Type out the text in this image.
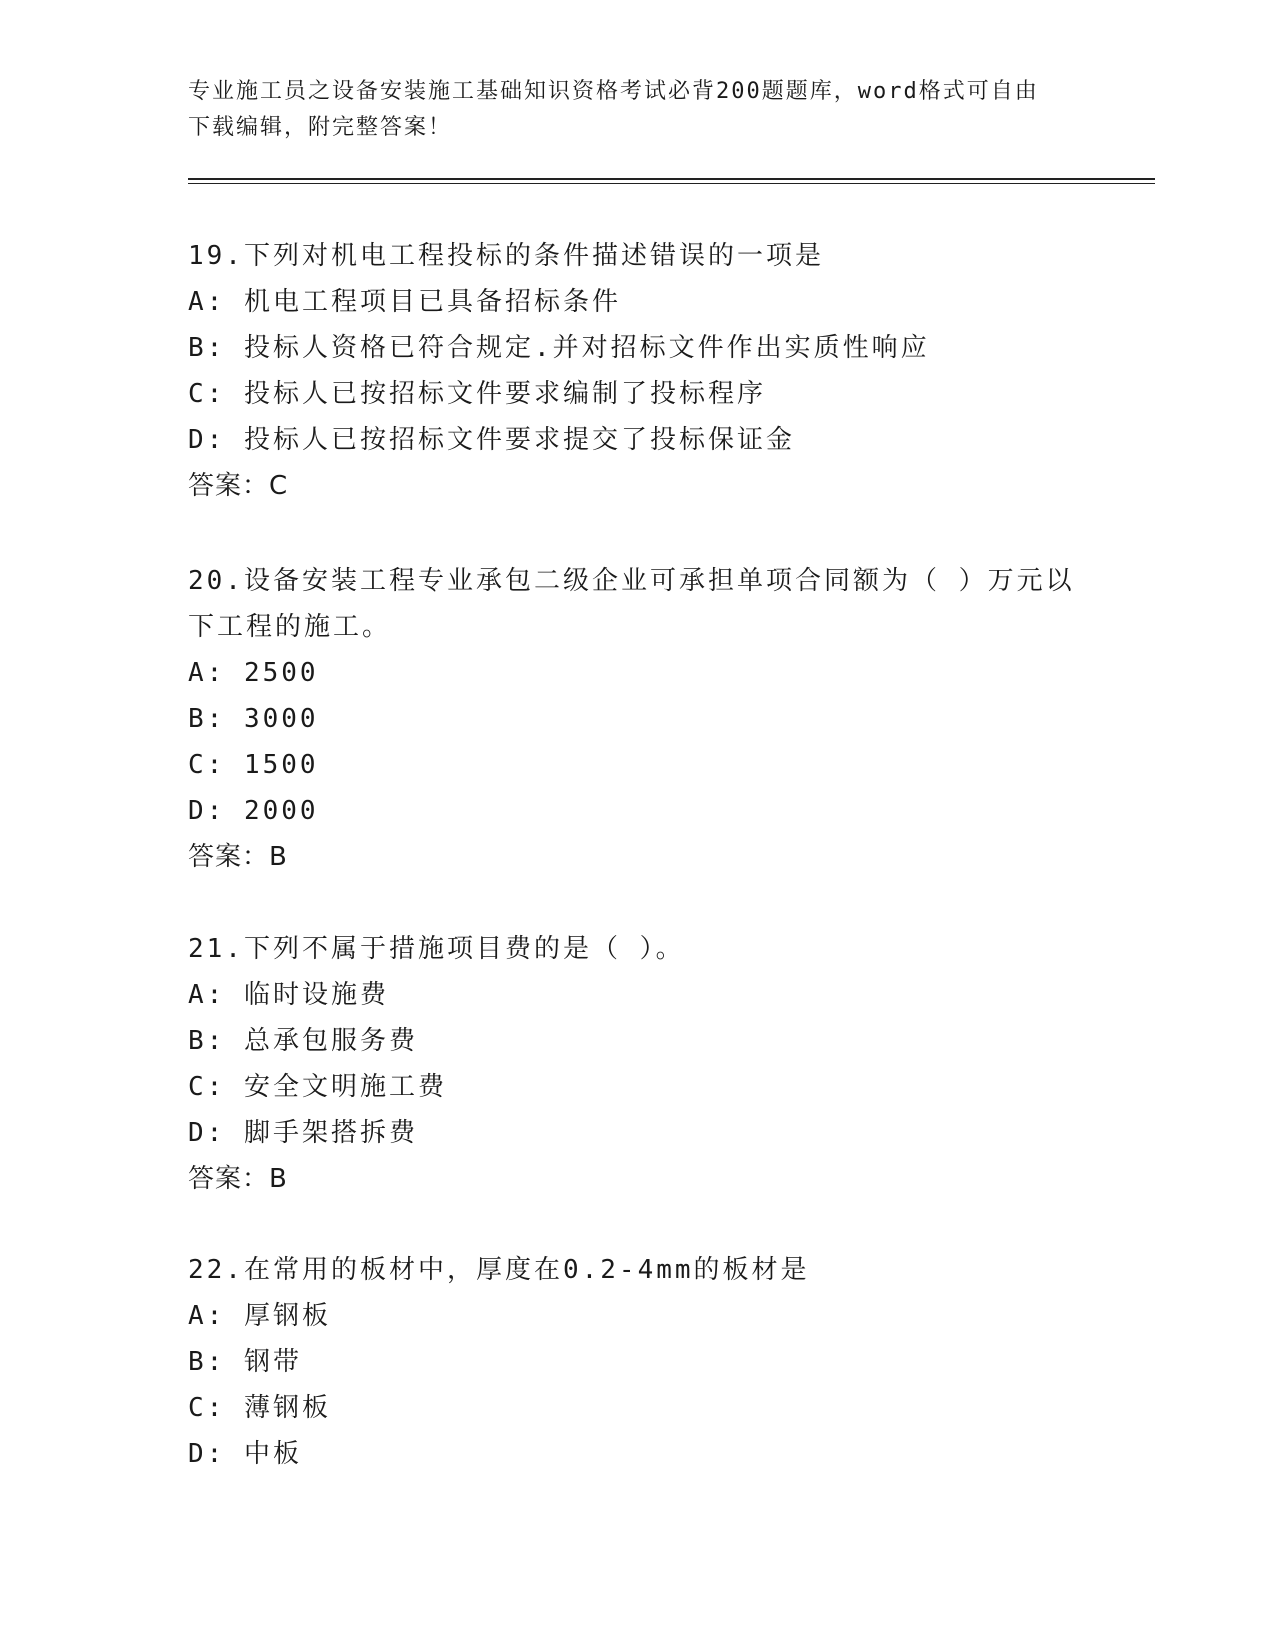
专业施工员之设备安装施工基础知识资格考试必背200题题库，word格式可自由
下载编辑，附完整答案！
19.下列对机电工程投标的条件描述错误的一项是
A: 机电工程项目已具备招标条件
B: 投标人资格已符合规定.并对招标文件作出实质性响应
C: 投标人已按招标文件要求编制了投标程序
D: 投标人已按招标文件要求提交了投标保证金
答案：C
20.设备安装工程专业承包二级企业可承担单项合同额为（ ）万元以
下工程的施工。
A: 2500
B: 3000
C: 1500
D: 2000
答案：B
21.下列不属于措施项目费的是（ ）。
A: 临时设施费
B: 总承包服务费
C: 安全文明施工费
D: 脚手架搭拆费
答案：B
22.在常用的板材中，厚度在0.2-4mm的板材是
A: 厚钢板
B: 钢带
C: 薄钢板
D: 中板
